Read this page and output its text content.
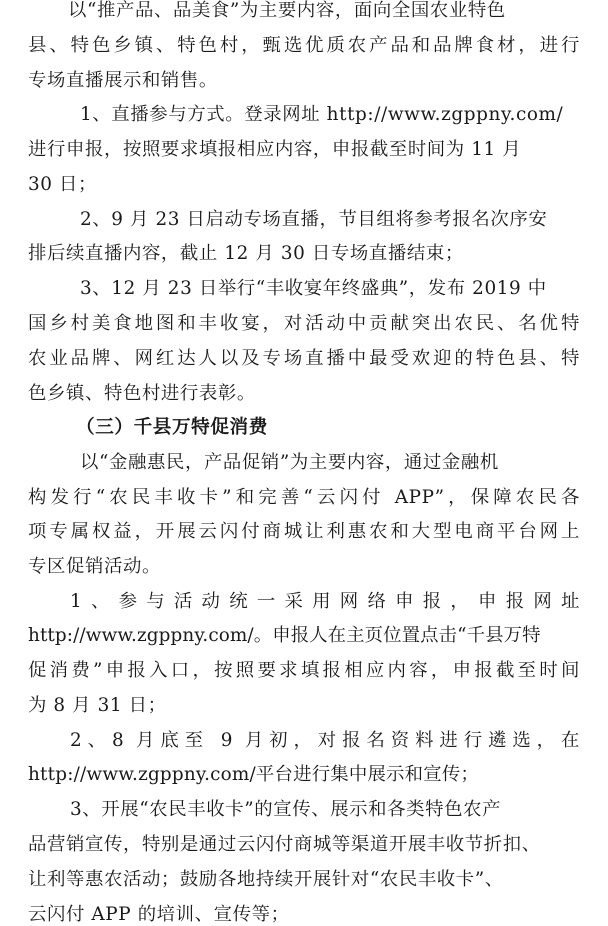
以“推产品、品美食”为主要内容，面向全国农业特色
县、特色乡镇、特色村，甄选优质农产品和品牌食材，进行
专场直播展示和销售。
1、直播参与方式。登录网址 http://www.zgppny.com/
进行申报，按照要求填报相应内容，申报截至时间为 11 月
30 日；
2、9 月 23 日启动专场直播，节目组将参考报名次序安
排后续直播内容，截止 12 月 30 日专场直播结束；
3、12 月 23 日举行“丰收宴年终盛典”，发布 2019 中
国乡村美食地图和丰收宴，对活动中贡献突出农民、名优特
农业品牌、网红达人以及专场直播中最受欢迎的特色县、特
色乡镇、特色村进行表彰。
（三）千县万特促消费
以“金融惠民，产品促销”为主要内容，通过金融机
构发行“农民丰收卡”和完善“云闪付 APP”，保障农民各
项专属权益，开展云闪付商城让利惠农和大型电商平台网上
专区促销活动。
1、参与活动统一采用网络申报，申报网址
http://www.zgppny.com/。申报人在主页位置点击“千县万特
促消费”申报入口，按照要求填报相应内容，申报截至时间
为 8 月 31 日；
2、8 月底至 9 月初，对报名资料进行遴选，在
http://www.zgppny.com/平台进行集中展示和宣传；
3、开展“农民丰收卡”的宣传、展示和各类特色农产
品营销宣传，特别是通过云闪付商城等渠道开展丰收节折扣、
让利等惠农活动；鼓励各地持续开展针对“农民丰收卡”、
云闪付 APP 的培训、宣传等；
